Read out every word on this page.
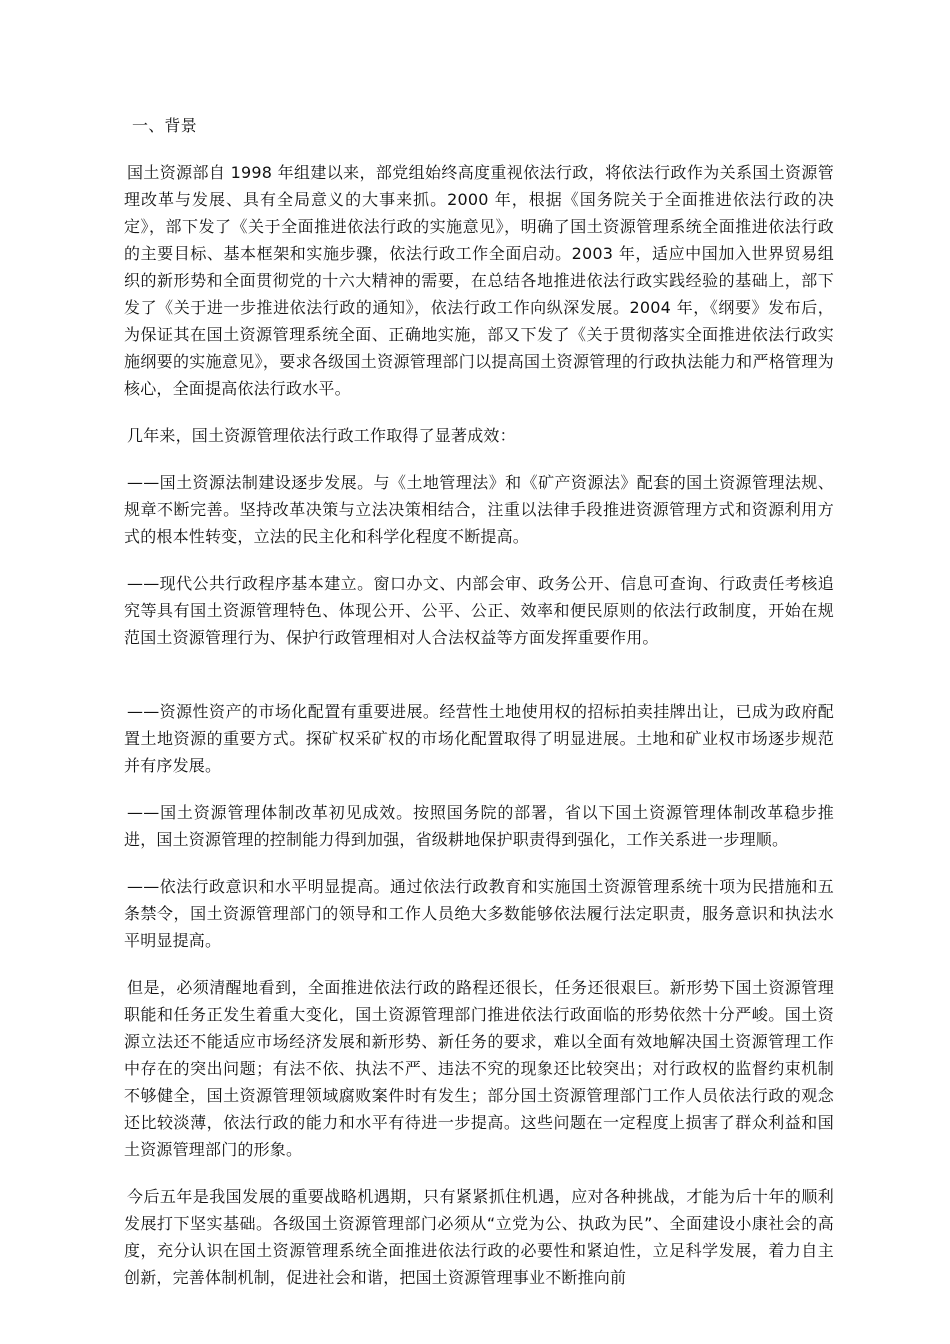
一、背景

国土资源部自 1998 年组建以来，部党组始终高度重视依法行政，将依法行政作为关系国土资源管理改革与发展、具有全局意义的大事来抓。2000 年，根据《国务院关于全面推进依法行政的决定》，部下发了《关于全面推进依法行政的实施意见》，明确了国土资源管理系统全面推进依法行政的主要目标、基本框架和实施步骤，依法行政工作全面启动。2003 年，适应中国加入世界贸易组织的新形势和全面贯彻党的十六大精神的需要，在总结各地推进依法行政实践经验的基础上，部下发了《关于进一步推进依法行政的通知》，依法行政工作向纵深发展。2004 年，《纲要》发布后，为保证其在国土资源管理系统全面、正确地实施，部又下发了《关于贯彻落实全面推进依法行政实施纲要的实施意见》，要求各级国土资源管理部门以提高国土资源管理的行政执法能力和严格管理为核心，全面提高依法行政水平。

几年来，国土资源管理依法行政工作取得了显著成效：

——国土资源法制建设逐步发展。与《土地管理法》和《矿产资源法》配套的国土资源管理法规、规章不断完善。坚持改革决策与立法决策相结合，注重以法律手段推进资源管理方式和资源利用方式的根本性转变，立法的民主化和科学化程度不断提高。

——现代公共行政程序基本建立。窗口办文、内部会审、政务公开、信息可查询、行政责任考核追究等具有国土资源管理特色、体现公开、公平、公正、效率和便民原则的依法行政制度，开始在规范国土资源管理行为、保护行政管理相对人合法权益等方面发挥重要作用。

——资源性资产的市场化配置有重要进展。经营性土地使用权的招标拍卖挂牌出让，已成为政府配置土地资源的重要方式。探矿权采矿权的市场化配置取得了明显进展。土地和矿业权市场逐步规范并有序发展。

——国土资源管理体制改革初见成效。按照国务院的部署，省以下国土资源管理体制改革稳步推进，国土资源管理的控制能力得到加强，省级耕地保护职责得到强化，工作关系进一步理顺。

——依法行政意识和水平明显提高。通过依法行政教育和实施国土资源管理系统十项为民措施和五条禁令，国土资源管理部门的领导和工作人员绝大多数能够依法履行法定职责，服务意识和执法水平明显提高。

但是，必须清醒地看到，全面推进依法行政的路程还很长，任务还很艰巨。新形势下国土资源管理职能和任务正发生着重大变化，国土资源管理部门推进依法行政面临的形势依然十分严峻。国土资源立法还不能适应市场经济发展和新形势、新任务的要求，难以全面有效地解决国土资源管理工作中存在的突出问题；有法不依、执法不严、违法不究的现象还比较突出；对行政权的监督约束机制不够健全，国土资源管理领域腐败案件时有发生；部分国土资源管理部门工作人员依法行政的观念还比较淡薄，依法行政的能力和水平有待进一步提高。这些问题在一定程度上损害了群众利益和国土资源管理部门的形象。

今后五年是我国发展的重要战略机遇期，只有紧紧抓住机遇，应对各种挑战，才能为后十年的顺利发展打下坚实基础。各级国土资源管理部门必须从“立党为公、执政为民”、全面建设小康社会的高度，充分认识在国土资源管理系统全面推进依法行政的必要性和紧迫性，立足科学发展，着力自主创新，完善体制机制，促进社会和谐，把国土资源管理事业不断推向前
